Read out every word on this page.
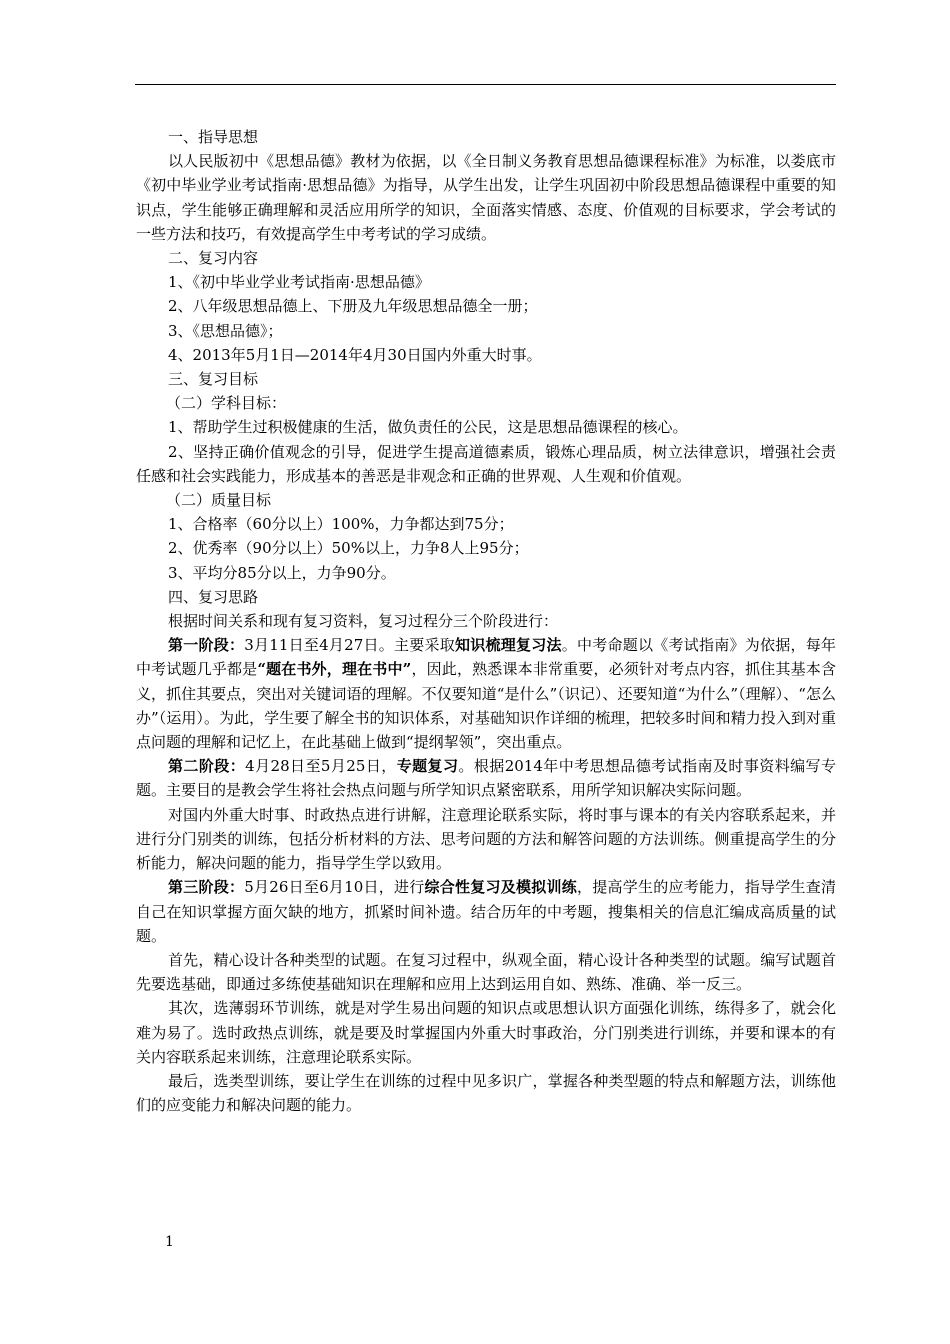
一、指导思想

以人民版初中《思想品德》教材为依据，以《全日制义务教育思想品德课程标准》为标准，以娄底市《初中毕业学业考试指南·思想品德》为指导，从学生出发，让学生巩固初中阶段思想品德课程中重要的知识点，学生能够正确理解和灵活应用所学的知识，全面落实情感、态度、价值观的目标要求，学会考试的一些方法和技巧，有效提高学生中考考试的学习成绩。

二、复习内容

1、《初中毕业学业考试指南·思想品德》

2、八年级思想品德上、下册及九年级思想品德全一册；

3、《思想品德》；

4、2013年5月1日—2014年4月30日国内外重大时事。

三、复习目标

（二）学科目标：

1、帮助学生过积极健康的生活，做负责任的公民，这是思想品德课程的核心。

2、坚持正确价值观念的引导，促进学生提高道德素质，锻炼心理品质，树立法律意识，增强社会责任感和社会实践能力，形成基本的善恶是非观念和正确的世界观、人生观和价值观。

（二）质量目标

1、合格率（60分以上）100%，力争都达到75分；

2、优秀率（90分以上）50%以上，力争8人上95分；

3、平均分85分以上，力争90分。

四、复习思路

根据时间关系和现有复习资料，复习过程分三个阶段进行：

第一阶段：3月11日至4月27日。主要采取知识梳理复习法。中考命题以《考试指南》为依据，每年中考试题几乎都是“题在书外，理在书中”，因此，熟悉课本非常重要，必须针对考点内容，抓住其基本含义，抓住其要点，突出对关键词语的理解。不仅要知道“是什么”（识记）、还要知道“为什么”（理解）、“怎么办”（运用）。为此，学生要了解全书的知识体系，对基础知识作详细的梳理，把较多时间和精力投入到对重点问题的理解和记忆上，在此基础上做到“提纲挈领”，突出重点。

第二阶段：4月28日至5月25日，专题复习。根据2014年中考思想品德考试指南及时事资料编写专题。主要目的是教会学生将社会热点问题与所学知识点紧密联系，用所学知识解决实际问题。

对国内外重大时事、时政热点进行讲解，注意理论联系实际，将时事与课本的有关内容联系起来，并进行分门别类的训练，包括分析材料的方法、思考问题的方法和解答问题的方法训练。侧重提高学生的分析能力，解决问题的能力，指导学生学以致用。

第三阶段：5月26日至6月10日，进行综合性复习及模拟训练，提高学生的应考能力，指导学生查清自己在知识掌握方面欠缺的地方，抓紧时间补遗。结合历年的中考题，搜集相关的信息汇编成高质量的试题。

首先，精心设计各种类型的试题。在复习过程中，纵观全面，精心设计各种类型的试题。编写试题首先要选基础，即通过多练使基础知识在理解和应用上达到运用自如、熟练、准确、举一反三。

其次，选薄弱环节训练，就是对学生易出问题的知识点或思想认识方面强化训练，练得多了，就会化难为易了。选时政热点训练，就是要及时掌握国内外重大时事政治，分门别类进行训练，并要和课本的有关内容联系起来训练，注意理论联系实际。

最后，选类型训练，要让学生在训练的过程中见多识广，掌握各种类型题的特点和解题方法，训练他们的应变能力和解决问题的能力。

1
